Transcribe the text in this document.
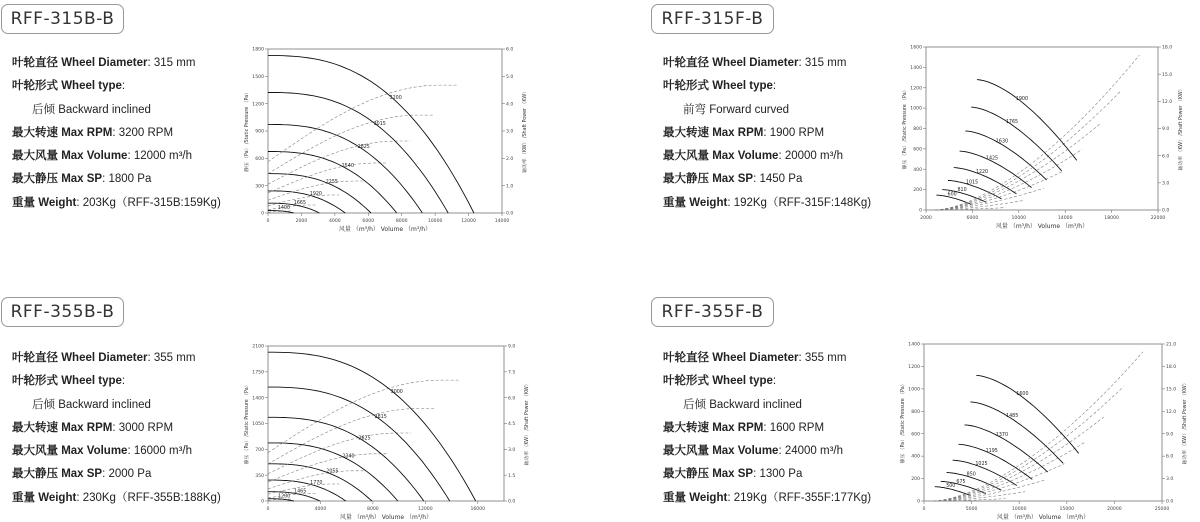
RFF-315B-B
叶轮直径 Wheel Diameter: 315 mm
叶轮形式 Wheel type:
后倾 Backward inclined
最大转速 Max RPM: 3200 RPM
最大风量 Max Volume: 12000 m³/h
最大静压 Max SP: 1800 Pa
重量 Weight: 203Kg（RFF-315B:159Kg)
0	2000	4000	6000	8000	10000	12000	14000
0
300
600
900
1200
1500
1800
0.0
1.0
2.0
3.0
4.0
5.0
6.0
风量 （m³/h） Volume （m³/h）
静压 （Pa） /Static Pressure （Pa）	轴功率 （KW） /Shaft Power （KW）
1400
1665
1920
2255
2540
2825
3015
3200
RFF-315F-B
叶轮直径 Wheel Diameter: 315 mm
叶轮形式 Wheel type:
前弯 Forward curved
最大转速 Max RPM: 1900 RPM
最大风量 Max Volume: 20000 m³/h
最大静压 Max SP: 1450 Pa
重量 Weight: 192Kg（RFF-315F:148Kg)
2000	6000	10000	14000	18000	22000
0
200
400
600
800
1000
1200
1400
1600
0.0
3.0
6.0
9.0
12.0
15.0
18.0
风量 （m³/h） Volume （m³/h）
静压 （Pa） /Static Pressure （Pa）	轴功率 （KW） /Shaft Power （KW）
600
810
1015
1220
1425
1630
1765
1900
RFF-355B-B
叶轮直径 Wheel Diameter: 355 mm
叶轮形式 Wheel type:
后倾 Backward inclined
最大转速 Max RPM: 3000 RPM
最大风量 Max Volume: 16000 m³/h
最大静压 Max SP: 2000 Pa
重量 Weight: 230Kg（RFF-355B:188Kg)
0	4000	8000	12000	16000
0
350
700
1050
1400
1750
2100
0.0
1.5
3.0
4.5
6.0
7.5
9.0
风量 （m³/h） Volume （m³/h）
静压 （Pa） /Static Pressure （Pa）	轴功率 （KW） /Shaft Power （KW）
1200
1465
1770
2055
2340
2625
2815
3000
RFF-355F-B
叶轮直径 Wheel Diameter: 355 mm
叶轮形式 Wheel type:
后倾 Backward inclined
最大转速 Max RPM: 1600 RPM
最大风量 Max Volume: 24000 m³/h
最大静压 Max SP: 1300 Pa
重量 Weight: 219Kg（RFF-355F:177Kg)
0	5000	10000	15000	20000	25000
0
200
400
600
800
1000
1200
1400
0.0
3.0
6.0
9.0
12.0
15.0
18.0
21.0
风量 （m³/h） Volume （m³/h）
静压 （Pa） /Static Pressure （Pa）	轴功率 （KW） /Shaft Power （KW）
500
675
850
1025
1195
1370
1485
1600
